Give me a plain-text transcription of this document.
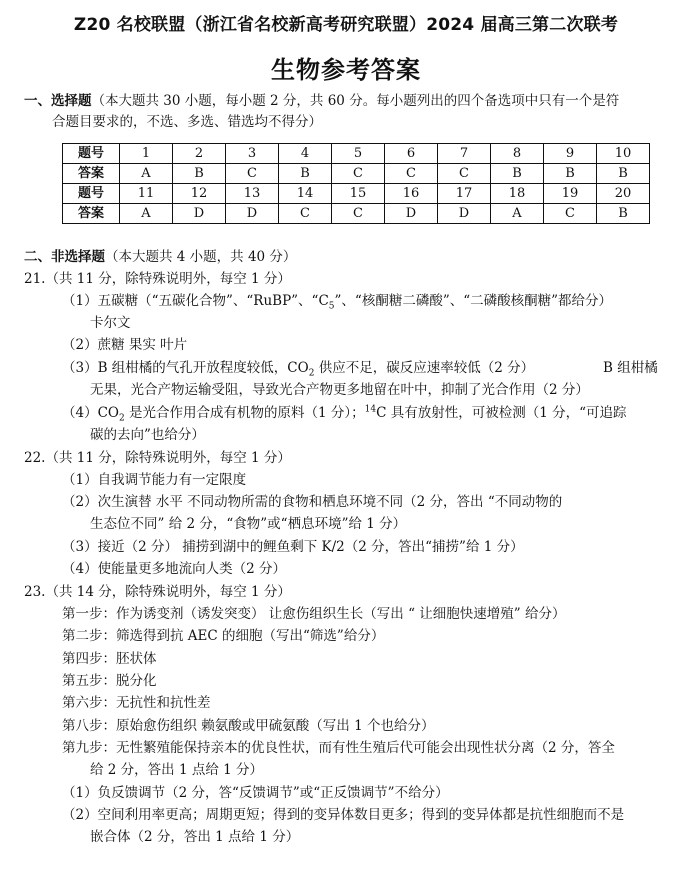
Z20 名校联盟（浙江省名校新高考研究联盟）2024 届高三第二次联考
生物参考答案
一、选择题（本大题共 30 小题，每小题 2 分，共 60 分。每小题列出的四个备选项中只有一个是符
合题目要求的，不选、多选、错选均不得分）
题号	1	2	3	4	5	6	7	8	9	10
答案	A	B	C	B	C	C	C	B	B	B
题号	11	12	13	14	15	16	17	18	19	20
答案	A	D	D	C	C	D	D	A	C	B
二、非选择题（本大题共 4 小题，共 40 分）
21.（共 11 分，除特殊说明外，每空 1 分）
（1）五碳糖（“五碳化合物”、“RuBP”、“$C_5$”、“核酮糖二磷酸”、“二磷酸核酮糖”都给分）
卡尔文
（2）蔗糖 果实 叶片
（3）B 组柑橘的气孔开放程度较低，$CO_2$ 供应不足，碳反应速率较低（2 分）	B 组柑橘
无果，光合产物运输受阻，导致光合产物更多地留在叶中，抑制了光合作用（2 分）
$(4)CO_2$ 是光合作用合成有机物的原料（1 分）；$^{14}$C 具有放射性，可被检测（1 分，“可追踪
碳的去向”也给分）
22.（共 11 分，除特殊说明外，每空 1 分）
（1）自我调节能力有一定限度
（2）次生演替 水平 不同动物所需的食物和栖息环境不同（2 分，答出 “不同动物的
生态位不同” 给 2 分，“食物”或“栖息环境”给 1 分）
（3）接近（2 分） 捕捞到湖中的鲤鱼剩下 K/2（2 分，答出“捕捞”给 1 分）
（4）使能量更多地流向人类（2 分）
23.（共 14 分，除特殊说明外，每空 1 分）
第一步：作为诱变剂（诱发突变） 让愈伤组织生长（写出 “ 让细胞快速增殖” 给分）
第二步：筛选得到抗 AEC 的细胞（写出“筛选”给分）
第四步：胚状体
第五步：脱分化
第六步：无抗性和抗性差
第八步：原始愈伤组织 赖氨酸或甲硫氨酸（写出 1 个也给分）
第九步：无性繁殖能保持亲本的优良性状，而有性生殖后代可能会出现性状分离（2 分，答全
给 2 分，答出 1 点给 1 分）
（1）负反馈调节（2 分，答“反馈调节”或“正反馈调节”不给分）
（2）空间利用率更高；周期更短；得到的变异体数目更多；得到的变异体都是抗性细胞而不是
嵌合体（2 分，答出 1 点给 1 分）
